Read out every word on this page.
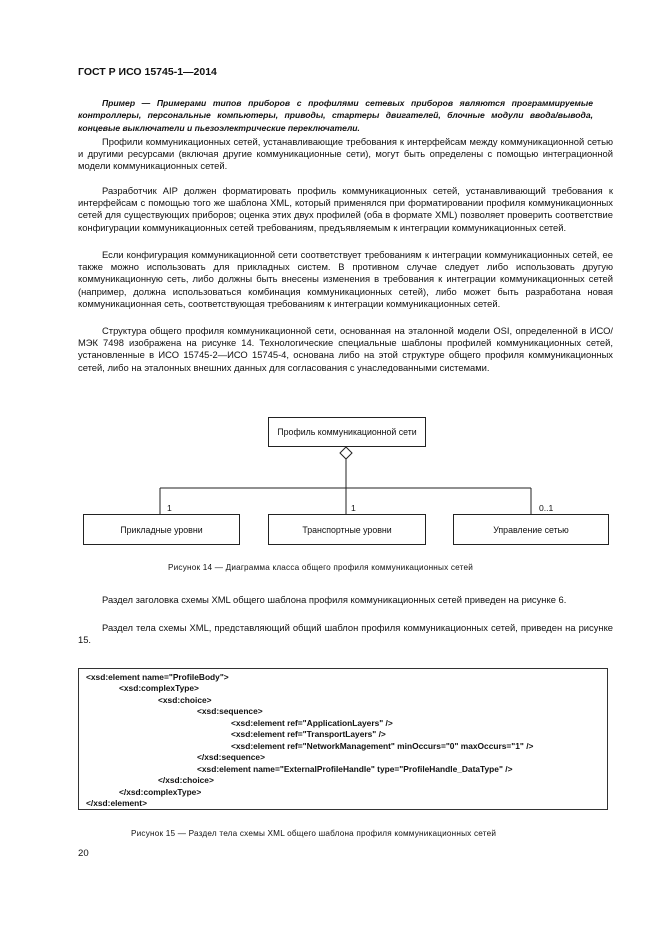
ГОСТ Р ИСО 15745-1—2014
Пример — Примерами типов приборов с профилями сетевых приборов являются программируемые контроллеры, персональные компьютеры, приводы, стартеры двигателей, блочные модули ввода/вывода, концевые выключатели и пьезоэлектрические переключатели.
Профили коммуникационных сетей, устанавливающие требования к интерфейсам между коммуникационной сетью и другими ресурсами (включая другие коммуникационные сети), могут быть определены с помощью интеграционной модели коммуникационных сетей.
Разработчик AIP должен форматировать профиль коммуникационных сетей, устанавливающий требования к интерфейсам с помощью того же шаблона XML, который применялся при форматировании профиля коммуникационных сетей для существующих приборов; оценка этих двух профилей (оба в формате XML) позволяет проверить соответствие конфигурации коммуникационных сетей требованиям, предъявляемым к интеграции коммуникационных сетей.
Если конфигурация коммуникационной сети соответствует требованиям к интеграции коммуникационных сетей, ее также можно использовать для прикладных систем. В противном случае следует либо использовать другую коммуникационную сеть, либо должны быть внесены изменения в требования к интеграции коммуникационных сетей (например, должна использоваться комбинация коммуникационных сетей), либо может быть разработана новая коммуникационная сеть, соответствующая требованиям к интеграции коммуникационных сетей.
Структура общего профиля коммуникационной сети, основанная на эталонной модели OSI, определенной в ИСО/МЭК 7498 изображена на рисунке 14. Технологические специальные шаблоны профилей коммуникационных сетей, установленные в ИСО 15745-2—ИСО 15745-4, основана либо на этой структуре общего профиля коммуникационных сетей, либо на эталонных внешних данных для согласования с унаследованными системами.
Профиль коммуникационной сети
Прикладные уровни	Транспортные уровни	Управление сетью
1	1	0..1
Рисунок 14 — Диаграмма класса общего профиля коммуникационных сетей
Раздел заголовка схемы XML общего шаблона профиля коммуникационных сетей приведен на рисунке 6.
Раздел тела схемы XML, представляющий общий шаблон профиля коммуникационных сетей, приведен на рисунке 15.
<xsd:element name="ProfileBody">
<xsd:complexType>
<xsd:choice>
<xsd:sequence>
<xsd:element ref="ApplicationLayers" />
<xsd:element ref="TransportLayers" />
<xsd:element ref="NetworkManagement" minOccurs="0" maxOccurs="1" />
</xsd:sequence>
<xsd:element name="ExternalProfileHandle" type="ProfileHandle_DataType" />
</xsd:choice>
</xsd:complexType>
</xsd:element>
Рисунок 15 — Раздел тела схемы XML общего шаблона профиля коммуникационных сетей
20
